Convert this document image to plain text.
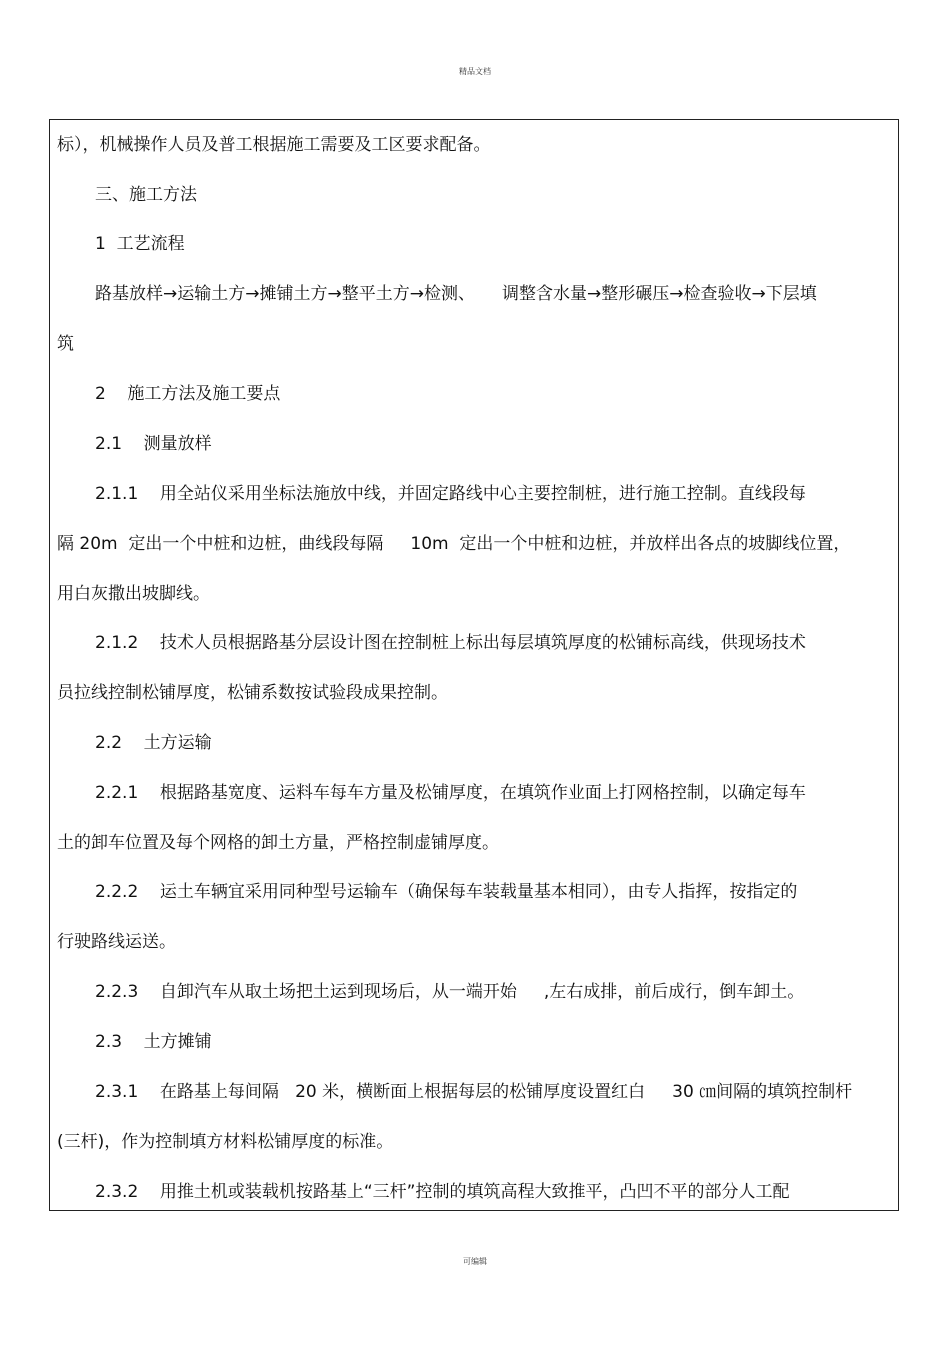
精品文档
标），机械操作人员及普工根据施工需要及工区要求配备。
三、施工方法
1  工艺流程
路基放样→运输土方→摊铺土方→整平土方→检测、     调整含水量→整形碾压→检查验收→下层填
筑
2    施工方法及施工要点
2.1    测量放样
2.1.1    用全站仪采用坐标法施放中线，并固定路线中心主要控制桩，进行施工控制。直线段每
隔 20m  定出一个中桩和边桩，曲线段每隔     10m  定出一个中桩和边桩，并放样出各点的坡脚线位置，
用白灰撒出坡脚线。
2.1.2    技术人员根据路基分层设计图在控制桩上标出每层填筑厚度的松铺标高线，供现场技术
员拉线控制松铺厚度，松铺系数按试验段成果控制。
2.2    土方运输
2.2.1    根据路基宽度、运料车每车方量及松铺厚度，在填筑作业面上打网格控制，以确定每车
土的卸车位置及每个网格的卸土方量，严格控制虚铺厚度。
2.2.2    运土车辆宜采用同种型号运输车（确保每车装载量基本相同），由专人指挥，按指定的
行驶路线运送。
2.2.3    自卸汽车从取土场把土运到现场后，从一端开始     ,左右成排，前后成行，倒车卸土。
2.3    土方摊铺
2.3.1    在路基上每间隔   20 米，横断面上根据每层的松铺厚度设置红白     30 ㎝间隔的填筑控制杆
(三杆)，作为控制填方材料松铺厚度的标准。
2.3.2    用推土机或装载机按路基上“三杆”控制的填筑高程大致推平，凸凹不平的部分人工配
可编辑
